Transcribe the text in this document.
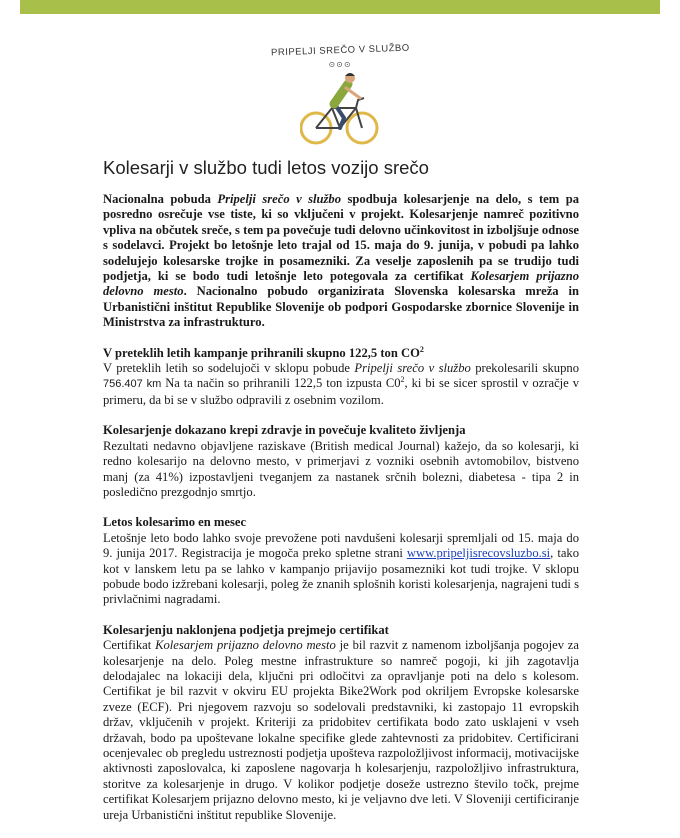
PRIPELJI SREČO V SLUŽBO
⊙⊙⊙
Kolesarji v službo tudi letos vozijo srečo

Nacionalna pobuda Pripelji srečo v službo spodbuja kolesarjenje na delo, s tem pa posredno osrečuje vse tiste, ki so vključeni v projekt. Kolesarjenje namreč pozitivno vpliva na občutek sreče, s tem pa povečuje tudi delovno učinkovitost in izboljšuje odnose s sodelavci. Projekt bo letošnje leto trajal od 15. maja do 9. junija, v pobudi pa lahko sodelujejo kolesarske trojke in posamezniki. Za veselje zaposlenih pa se trudijo tudi podjetja, ki se bodo tudi letošnje leto potegovala za certifikat Kolesarjem prijazno delovno mesto. Nacionalno pobudo organizirata Slovenska kolesarska mreža in Urbanistični inštitut Republike Slovenije ob podpori Gospodarske zbornice Slovenije in Ministrstva za infrastrukturo.

V preteklih letih kampanje prihranili skupno 122,5 ton $CO^2$

V preteklih letih so sodelujoči v sklopu pobude Pripelji srečo v službo prekolesarili skupno 756.407 km Na ta način so prihranili 122,5 ton izpusta $C0^2$, ki bi se sicer sprostil v ozračje v primeru, da bi se v službo odpravili z osebnim vozilom.

Kolesarjenje dokazano krepi zdravje in povečuje kvaliteto življenja

Rezultati nedavno objavljene raziskave (British medical Journal) kažejo, da so kolesarji, ki redno kolesarijo na delovno mesto, v primerjavi z vozniki osebnih avtomobilov, bistveno manj (za 41%) izpostavljeni tveganjem za nastanek srčnih bolezni, diabetesa - tipa 2 in posledično prezgodnjo smrtjo.

Letos kolesarimo en mesec

Letošnje leto bodo lahko svoje prevožene poti navdušeni kolesarji spremljali od 15. maja do 9. junija 2017. Registracija je mogoča preko spletne strani www.pripeljisrecovsluzbo.si, tako kot v lanskem letu pa se lahko v kampanjo prijavijo posamezniki kot tudi trojke. V sklopu pobude bodo izžrebani kolesarji, poleg že znanih splošnih koristi kolesarjenja, nagrajeni tudi s privlačnimi nagradami.

Kolesarjenju naklonjena podjetja prejmejo certifikat

Certifikat Kolesarjem prijazno delovno mesto je bil razvit z namenom izboljšanja pogojev za kolesarjenje na delo. Poleg mestne infrastrukture so namreč pogoji, ki jih zagotavlja delodajalec na lokaciji dela, ključni pri odločitvi za opravljanje poti na delo s kolesom. Certifikat je bil razvit v okviru EU projekta Bike2Work pod okriljem Evropske kolesarske zveze (ECF). Pri njegovem razvoju so sodelovali predstavniki, ki zastopajo 11 evropskih držav, vključenih v projekt. Kriteriji za pridobitev certifikata bodo zato usklajeni v vseh državah, bodo pa upoštevane lokalne specifike glede zahtevnosti za pridobitev. Certificirani ocenjevalec ob pregledu ustreznosti podjetja upošteva razpoložljivost informacij, motivacijske aktivnosti zaposlovalca, ki zaposlene nagovarja h kolesarjenju, razpoložljivo infrastruktura, storitve za kolesarjenje in drugo. V kolikor podjetje doseže ustrezno število točk, prejme certifikat Kolesarjem prijazno delovno mesto, ki je veljavno dve leti. V Sloveniji certificiranje ureja Urbanistični inštitut republike Slovenije.
